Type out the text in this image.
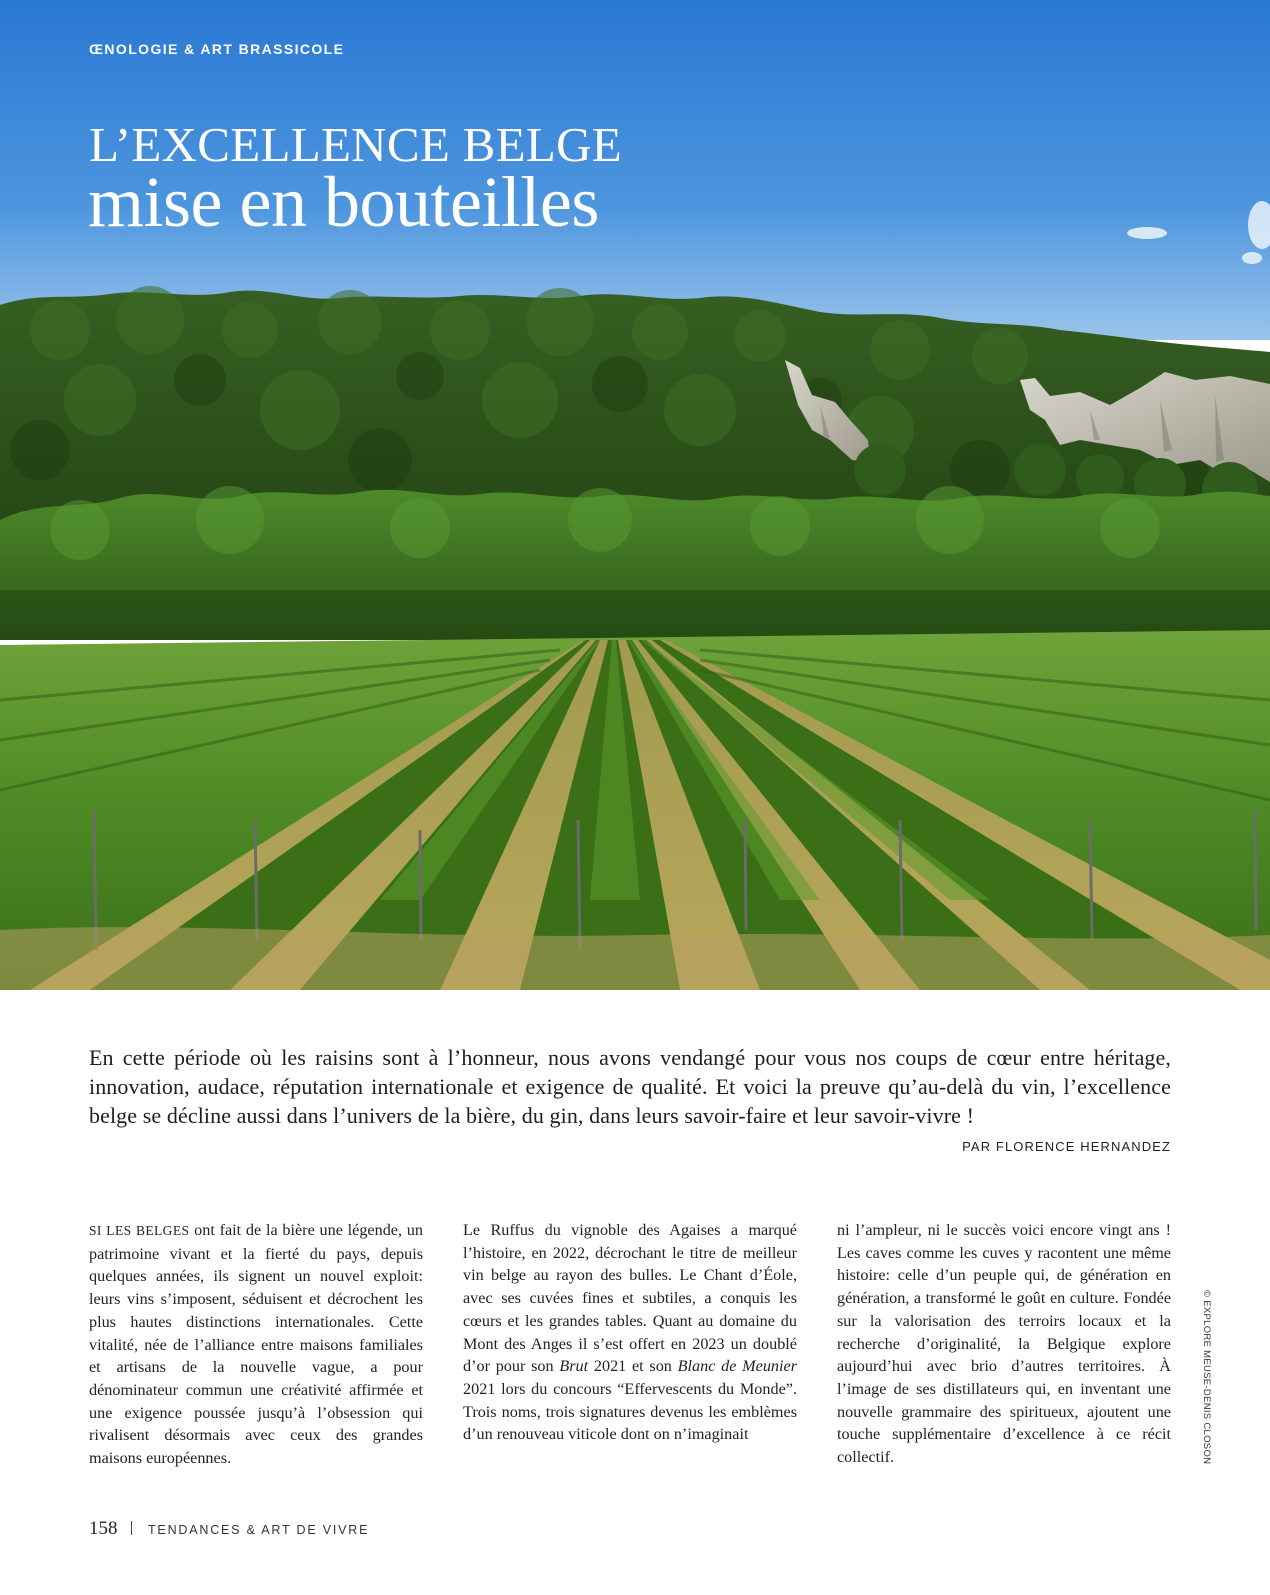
ŒNOLOGIE & ART BRASSICOLE
L’EXCELLENCE BELGE
mise en bouteilles

En cette période où les raisins sont à l’honneur, nous avons vendangé pour vous nos coups de cœur entre héritage, innovation, audace, réputation internationale et exigence de qualité. Et voici la preuve qu’au-delà du vin, l’excellence belge se décline aussi dans l’univers de la bière, du gin, dans leurs savoir-faire et leur savoir-vivre !

PAR FLORENCE HERNANDEZ
SI LES BELGES ont fait de la bière une légende, un patrimoine vivant et la fierté du pays, depuis quelques années, ils signent un nouvel exploit: leurs vins s’imposent, séduisent et décrochent les plus hautes distinctions internationales. Cette vitalité, née de l’alliance entre maisons familiales et artisans de la nouvelle vague, a pour dénominateur commun une créativité affirmée et une exigence poussée jusqu’à l’obsession qui rivalisent désormais avec ceux des grandes maisons européennes.
Le Ruffus du vignoble des Agaises a marqué l’histoire, en 2022, décrochant le titre de meilleur vin belge au rayon des bulles. Le Chant d’Éole, avec ses cuvées fines et subtiles, a conquis les cœurs et les grandes tables. Quant au domaine du Mont des Anges il s’est offert en 2023 un doublé d’or pour son Brut 2021 et son Blanc de Meunier 2021 lors du concours “Effervescents du Monde”. Trois noms, trois signatures devenus les emblèmes d’un renouveau viticole dont on n’imaginait
ni l’ampleur, ni le succès voici encore vingt ans ! Les caves comme les cuves y racontent une même histoire: celle d’un peuple qui, de génération en génération, a transformé le goût en culture. Fondée sur la valorisation des terroirs locaux et la recherche d’originalité, la Belgique explore aujourd’hui avec brio d’autres territoires. À l’image de ses distillateurs qui, en inventant une nouvelle grammaire des spiritueux, ajoutent une touche supplémentaire d’excellence à ce récit collectif.	© EXPLORE MEUSE-DENIS CLOSON
158 TENDANCES & ART DE VIVRE
